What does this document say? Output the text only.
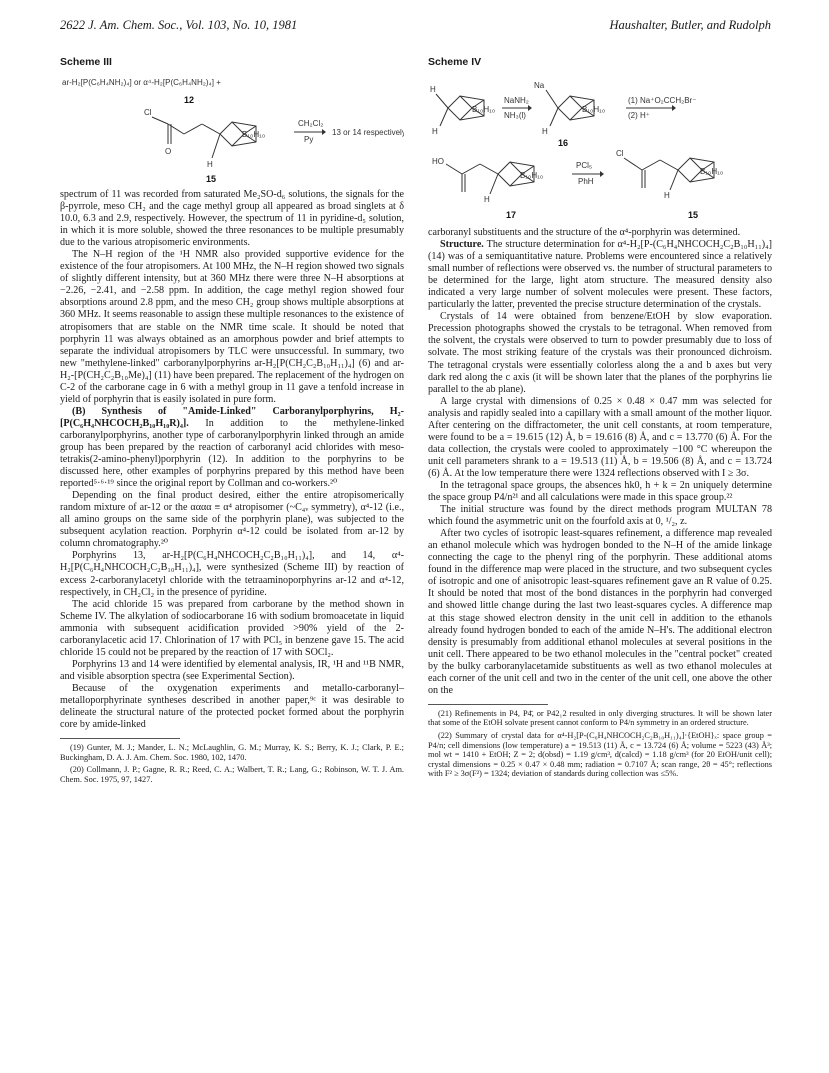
2622 J. Am. Chem. Soc., Vol. 103, No. 10, 1981	Haushalter, Butler, and Rudolph
Scheme III
ar-H₂[P(C₆H₄NH₂)₄] or α⁴-H₂[P(C₆H₄NH₂)₄] +
12
Cl
O
B₁₀H₁₀
H
15
CH₂Cl₂
Py
13 or 14 respectively

spectrum of 11 was recorded from saturated Me₂SO-d₆ solutions, the signals for the β-pyrrole, meso CH₂ and the cage methyl group all appeared as broad singlets at δ 10.0, 6.3 and 2.9, respectively. However, the spectrum of 11 in pyridine-d₅ solution, in which it is more soluble, showed the three resonances to be multiple presumably due to the various atropisomeric environments.

The N–H region of the ¹H NMR also provided supportive evidence for the existence of the four atropisomers. At 100 MHz, the N–H region showed two signals of slightly different intensity, but at 360 MHz there were three N–H absorptions at −2.26, −2.41, and −2.58 ppm. In addition, the cage methyl region showed four absorptions around 2.8 ppm, and the meso CH₂ group shows multiple absorptions at 360 MHz. It seems reasonable to assign these multiple resonances to the existence of atropisomers that are stable on the NMR time scale. It should be noted that porphyrin 11 was always obtained as an amorphous powder and brief attempts to separate the individual atropisomers by TLC were unsuccessful. In summary, two new "methylene-linked" carboranylporphyrins ar-H₂[P(CH₂C₂B₁₀H₁₁)₄] (6) and ar-H₂-[P(CH₂C₂B₁₀Me)₄] (11) have been prepared. The replacement of the hydrogen on C-2 of the carborane cage in 6 with a methyl group in 11 gave a tenfold increase in yield of porphyrin that is easily isolated in pure form.

(B) Synthesis of "Amide-Linked" Carboranylporphyrins, H₂-[P(C₆H₄NHCOCH₂B₁₀H₁₀R)₄]. In addition to the methylene-linked carboranylporphyrins, another type of carboranylporphyrin linked through an amide group has been prepared by the reaction of carboranyl acid chlorides with meso-tetrakis(2-amino-phenyl)porphyrin (12). In addition to the porphyrins to be discussed here, other examples of porphyrins prepared by this method have been reported⁵·⁶·¹⁹ since the original report by Collman and co-workers.²⁰

Depending on the final product desired, either the entire atropisomerically random mixture of ar-12 or the αααα ≡ α⁴ atropisomer (~C₄ᵥ symmetry), α⁴-12 (i.e., all amino groups on the same side of the porphyrin plane), was subjected to the subsequent acylation reaction. Porphyrin α⁴-12 could be isolated from ar-12 by column chromatography.²⁰

Porphyrins 13, ar-H₂[P(C₆H₄NHCOCH₂C₂B₁₀H₁₁)₄], and 14, α⁴-H₂[P(C₆H₄NHCOCH₂C₂B₁₀H₁₁)₄], were synthesized (Scheme III) by reaction of excess 2-carboranylacetyl chloride with the tetraaminoporphyrins ar-12 and α⁴-12, respectively, in CH₂Cl₂ in the presence of pyridine.

The acid chloride 15 was prepared from carborane by the method shown in Scheme IV. The alkylation of sodiocarborane 16 with sodium bromoacetate in liquid ammonia with subsequent acidification provided >90% yield of the 2-carboranylacetic acid 17. Chlorination of 17 with PCl₅ in benzene gave 15. The acid chloride 15 could not be prepared by the reaction of 17 with SOCl₂.

Porphyrins 13 and 14 were identified by elemental analysis, IR, ¹H and ¹¹B NMR, and visible absorption spectra (see Experimental Section).

Because of the oxygenation experiments and metallo-carboranyl–metalloporphyrinate syntheses described in another paper,⁹ᶜ it was desirable to delineate the structural nature of the protected pocket formed about the porphyrin core by amide-linked

(19) Gunter, M. J.; Mander, L. N.; McLaughlin, G. M.; Murray, K. S.; Berry, K. J.; Clark, P. E.; Buckingham, D. A. J. Am. Chem. Soc. 1980, 102, 1470.

(20) Collmann, J. P.; Gagne, R. R.; Reed, C. A.; Walbert, T. R.; Lang, G.; Robinson, W. T. J. Am. Chem. Soc. 1975, 97, 1427.

Scheme IV
H
H
B₁₀H₁₀
NaNH₂
NH₃(l)
Na
H
B₁₀H₁₀
16
(1) Na⁺O₂CCH₂Br⁻
(2) H⁺
HO
B₁₀H₁₀
H
17
PCl₅
PhH
Cl
B₁₀H₁₀
H
15

carboranyl substituents and the structure of the α⁴-porphyrin was determined.

Structure. The structure determination for α⁴-H₂[P-(C₆H₄NHCOCH₂C₂B₁₀H₁₁)₄] (14) was of a semiquantitative nature. Problems were encountered since a relatively small number of reflections were observed vs. the number of structural parameters to be determined for the large, light atom structure. The measured density also indicated a very large number of solvent molecules were present. These factors, particularly the latter, prevented the precise structure determination of the crystals.

Crystals of 14 were obtained from benzene/EtOH by slow evaporation. Precession photographs showed the crystals to be tetragonal. When removed from the solvent, the crystals were observed to turn to powder presumably due to loss of solvate. The most striking feature of the crystals was their pronounced dichroism. The tetragonal crystals were essentially colorless along the a and b axes but very dark red along the c axis (it will be shown later that the planes of the porphyrins lie parallel to the ab plane).

A large crystal with dimensions of 0.25 × 0.48 × 0.47 mm was selected for analysis and rapidly sealed into a capillary with a small amount of the mother liquor. After centering on the diffractometer, the unit cell constants, at room temperature, were found to be a = 19.615 (12) Å, b = 19.616 (8) Å, and c = 13.770 (6) Å. For the data collection, the crystals were cooled to approximately −100 °C whereupon the unit cell parameters shrank to a = 19.513 (11) Å, b = 19.506 (8) Å, and c = 13.724 (6) Å. At the low temperature there were 1324 reflections observed with I ≥ 3σ.

In the tetragonal space groups, the absences hk0, h + k = 2n uniquely determine the space group P4/n²¹ and all calculations were made in this space group.²²

The initial structure was found by the direct methods program MULTAN 78 which found the asymmetric unit on the fourfold axis at 0, ¹/₂, z.

After two cycles of isotropic least-squares refinement, a difference map revealed an ethanol molecule which was hydrogen bonded to the N–H of the amide linkage connecting the cage to the phenyl ring of the porphyrin. These additional atoms found in the difference map were placed in the structure, and two subsequent cycles of isotropic and one of anisotropic least-squares refinement gave an R value of 0.25. It should be noted that most of the bond distances in the porphyrin had converged and showed little change during the last two least-squares cycles. A difference map at this stage showed electron density in the unit cell in addition to the ethanols already found hydrogen bonded to each of the amide N–H's. The additional electron density is presumably from additional ethanol molecules at several positions in the unit cell. There appeared to be two ethanol molecules in the "central pocket" created by the bulky carboranylacetamide substituents as well as two ethanol molecules at each corner of the unit cell and two in the center of the unit cell, one above the other on the

(21) Refinements in P4, P4̄, or P42₁2 resulted in only diverging structures. It will be shown later that some of the EtOH solvate present cannot conform to P4/n symmetry in an ordered structure.

(22) Summary of crystal data for α⁴-H₂[P-(C₆H₄NHCOCH₂C₂B₁₀H₁₁)₄]·{EtOH}ₓ: space group = P4/n; cell dimensions (low temperature) a = 19.513 (11) Å, c = 13.724 (6) Å; volume = 5223 (43) Å³; mol wt = 1410 + EtOH; Z = 2; d(obsd) = 1.19 g/cm³, d(calcd) = 1.18 g/cm³ (for 20 EtOH/unit cell); crystal dimensions = 0.25 × 0.47 × 0.48 mm; radiation = 0.7107 Å; scan range, 2θ = 45°; reflections with F² ≥ 3σ(F²) = 1324; deviation of standards during collection was ≤5%.
